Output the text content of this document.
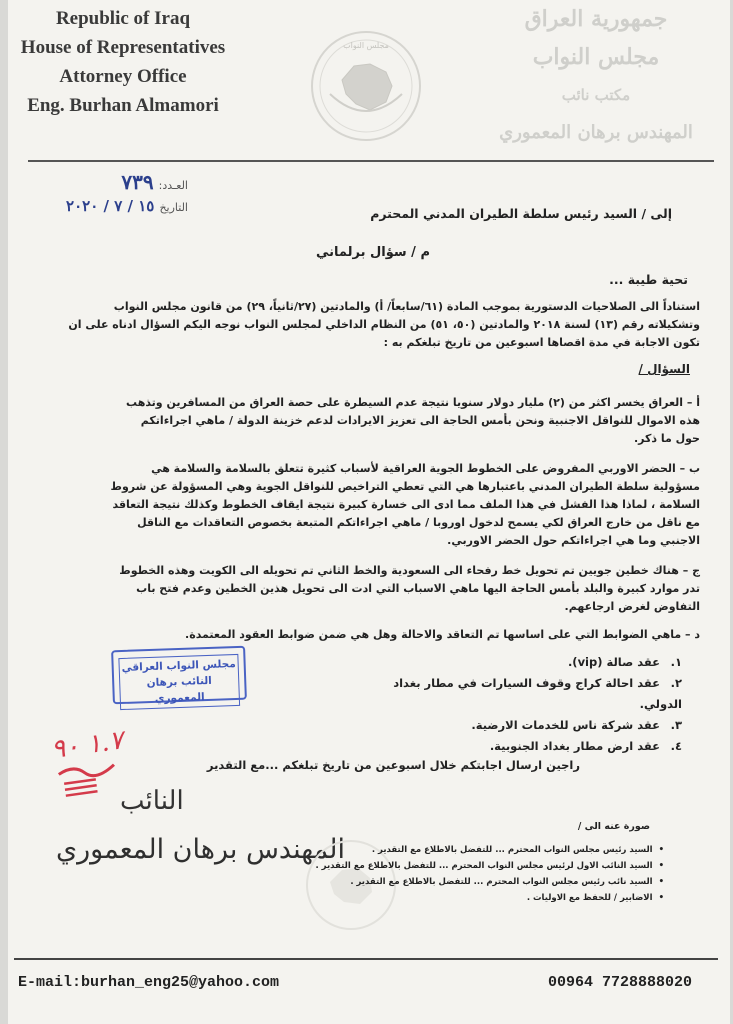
Republic of Iraq
House of Representatives
Attorney Office
Eng. Burhan Almamori
مجلس النواب
جمهورية العراق
مجلس النواب
مكتب نائب
المهندس برهان المعموري
العـدد: ٧٣٩
التاريخ ١٥ / ٧ / ٢٠٢٠	إلى / السيد رئيس سلطة الطيران المدني المحترم
م / سؤال برلماني
تحية طيبة ...
استناداً الى الصلاحيات الدستورية بموجب المادة (٦١/سابعاً/ أ) والمادتين (٢٧/ثانياً، ٢٩) من قانون مجلس النواب
وتشكيلاته رقم (١٣) لسنة ٢٠١٨ والمادتين (٥٠، ٥١) من النظام الداخلي لمجلس النواب نوجه اليكم السؤال ادناه على ان
تكون الاجابة في مدة اقصاها اسبوعين من تاريخ تبلغكم به :
السؤال /
أ – العراق يخسر اكثر من (٢) مليار دولار سنويا نتيجة عدم السيطرة على حصة العراق من المسافرين وتذهب
هذه الاموال للنواقل الاجنبية ونحن بأمس الحاجة الى تعزيز الايرادات لدعم خزينة الدولة / ماهي اجراءاتكم
حول ما ذكر.
ب – الحضر الاوربي المفروض على الخطوط الجوية العراقية لأسباب كثيرة تتعلق بالسلامة والسلامة هي
مسؤولية سلطة الطيران المدني باعتبارها هي التي تعطي التراخيص للنواقل الجوية وهي المسؤولة عن شروط
السلامة ، لماذا هذا الفشل في هذا الملف مما ادى الى خسارة كبيرة نتيجة ايقاف الخطوط وكذلك نتيجة التعاقد
مع ناقل من خارج العراق لكي يسمح لدخول اوروبا / ماهي اجراءاتكم المتبعة بخصوص التعاقدات مع الناقل
الاجنبي وما هي اجراءاتكم حول الحضر الاوربي.
ج – هناك خطين جويين تم تحويل خط رفحاء الى السعودية والخط الثاني تم تحويله الى الكويت وهذه الخطوط
تدر موارد كبيرة والبلد بأمس الحاجة اليها ماهي الاسباب التي ادت الى تحويل هذين الخطين وعدم فتح باب
التفاوض لغرض ارجاعهم.
د – ماهي الضوابط التي على اساسها تم التعاقد والاحالة وهل هي ضمن ضوابط العقود المعتمدة.
١.عقد صالة (vip).
٢.عقد احالة كراج وقوف السيارات في مطار بغداد الدولي.
٣.عقد شركة ناس للخدمات الارضية.
٤.عقد ارض مطار بغداد الجنوبية.
مجلس النواب العراقي
النائب برهان المعموري
راجين ارسال اجابتكم خلال اسبوعين من تاريخ تبلغكم ...مع التقدير
١.٧ ٩٠
النائب
المهندس برهان المعموري
صورة عنه الى /
• السيد رئيس مجلس النواب المحترم ... للتفضل بالاطلاع مع التقدير .
• السيد النائب الاول لرئيس مجلس النواب المحترم ... للتفضل بالاطلاع مع التقدير .
• السيد نائب رئيس مجلس النواب المحترم ... للتفضل بالاطلاع مع التقدير .
• الاضابير / للحفظ مع الاوليات .
E-mail:burhan_eng25@yahoo.com	00964 7728888020
